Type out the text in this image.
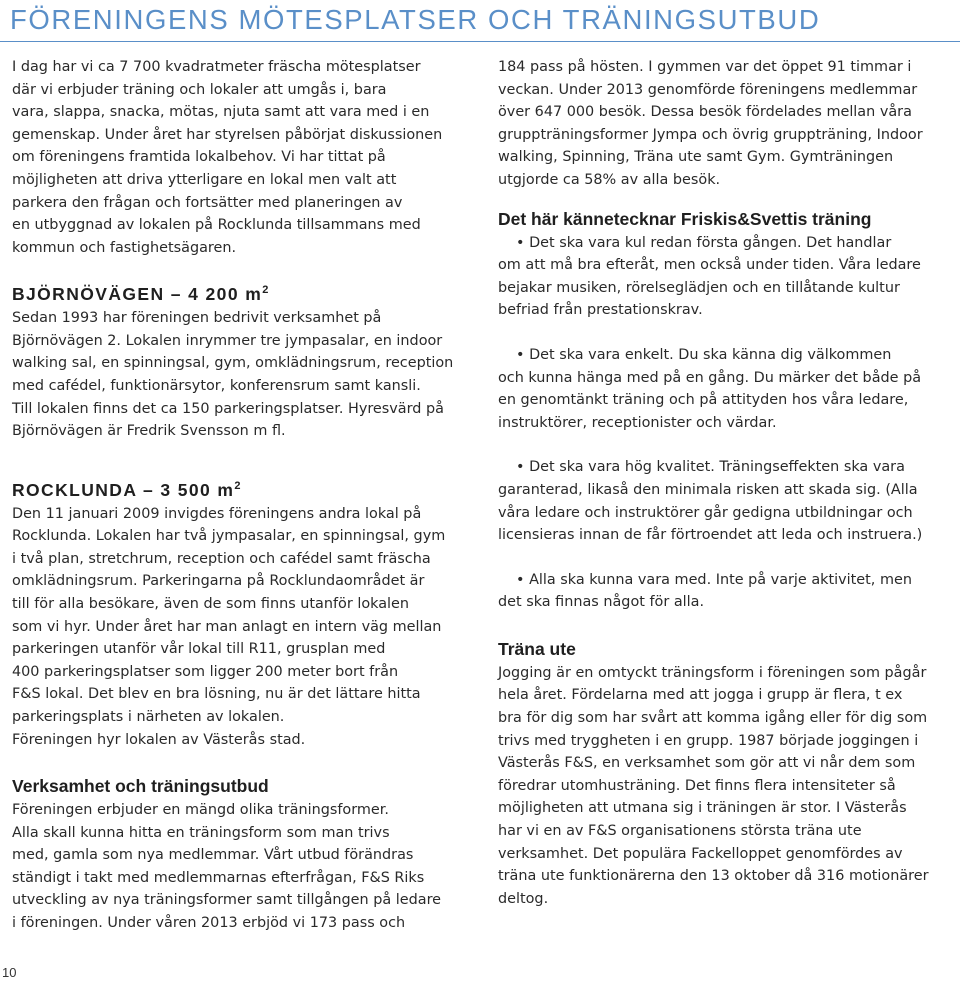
FÖRENINGENS MÖTESPLATSER OCH TRÄNINGSUTBUD

I dag har vi ca 7 700 kvadratmeter fräscha mötesplatser
där vi erbjuder träning och lokaler att umgås i, bara
vara, slappa, snacka, mötas, njuta samt att vara med i en
gemenskap. Under året har styrelsen påbörjat diskussionen
om föreningens framtida lokalbehov. Vi har tittat på
möjligheten att driva ytterligare en lokal men valt att
parkera den frågan och fortsätter med planeringen av
en utbyggnad av lokalen på Rocklunda tillsammans med
kommun och fastighetsägaren.

BJÖRNÖVÄGEN – 4 200 $m^2$

Sedan 1993 har föreningen bedrivit verksamhet på
Björnövägen 2. Lokalen inrymmer tre jympasalar, en indoor
walking sal, en spinningsal, gym, omklädningsrum, reception
med cafédel, funktionärsytor, konferensrum samt kansli.
Till lokalen finns det ca 150 parkeringsplatser. Hyresvärd på
Björnövägen är Fredrik Svensson m fl.

ROCKLUNDA – 3 500 $m^2$

Den 11 januari 2009 invigdes föreningens andra lokal på
Rocklunda. Lokalen har två jympasalar, en spinningsal, gym
i två plan, stretchrum, reception och cafédel samt fräscha
omklädningsrum. Parkeringarna på Rocklundaområdet är
till för alla besökare, även de som finns utanför lokalen
som vi hyr. Under året har man anlagt en intern väg mellan
parkeringen utanför vår lokal till R11, grusplan med
400 parkeringsplatser som ligger 200 meter bort från
F&S lokal. Det blev en bra lösning, nu är det lättare hitta
parkeringsplats i närheten av lokalen.
Föreningen hyr lokalen av Västerås stad.

Verksamhet och träningsutbud

Föreningen erbjuder en mängd olika träningsformer.
Alla skall kunna hitta en träningsform som man trivs
med, gamla som nya medlemmar. Vårt utbud förändras
ständigt i takt med medlemmarnas efterfrågan, F&S Riks
utveckling av nya träningsformer samt tillgången på ledare
i föreningen. Under våren 2013 erbjöd vi 173 pass och

184 pass på hösten. I gymmen var det öppet 91 timmar i
veckan. Under 2013 genomförde föreningens medlemmar
över 647 000 besök. Dessa besök fördelades mellan våra
gruppträningsformer Jympa och övrig gruppträning, Indoor
walking, Spinning, Träna ute samt Gym. Gymträningen
utgjorde ca 58% av alla besök.

Det här kännetecknar Friskis&Svettis träning

• Det ska vara kul redan första gången. Det handlar
om att må bra efteråt, men också under tiden. Våra ledare
bejakar musiken, rörelseglädjen och en tillåtande kultur
befriad från prestationskrav.

• Det ska vara enkelt. Du ska känna dig välkommen
och kunna hänga med på en gång. Du märker det både på
en genomtänkt träning och på attityden hos våra ledare,
instruktörer, receptionister och värdar.

• Det ska vara hög kvalitet. Träningseffekten ska vara
garanterad, likaså den minimala risken att skada sig. (Alla
våra ledare och instruktörer går gedigna utbildningar och
licensieras innan de får förtroendet att leda och instruera.)

• Alla ska kunna vara med. Inte på varje aktivitet, men
det ska finnas något för alla.

Träna ute

Jogging är en omtyckt träningsform i föreningen som pågår
hela året. Fördelarna med att jogga i grupp är flera, t ex
bra för dig som har svårt att komma igång eller för dig som
trivs med tryggheten i en grupp. 1987 började joggingen i
Västerås F&S, en verksamhet som gör att vi når dem som
föredrar utomhusträning. Det finns flera intensiteter så
möjligheten att utmana sig i träningen är stor. I Västerås
har vi en av F&S organisationens största träna ute
verksamhet. Det populära Fackelloppet genomfördes av
träna ute funktionärerna den 13 oktober då 316 motionärer
deltog.

10
